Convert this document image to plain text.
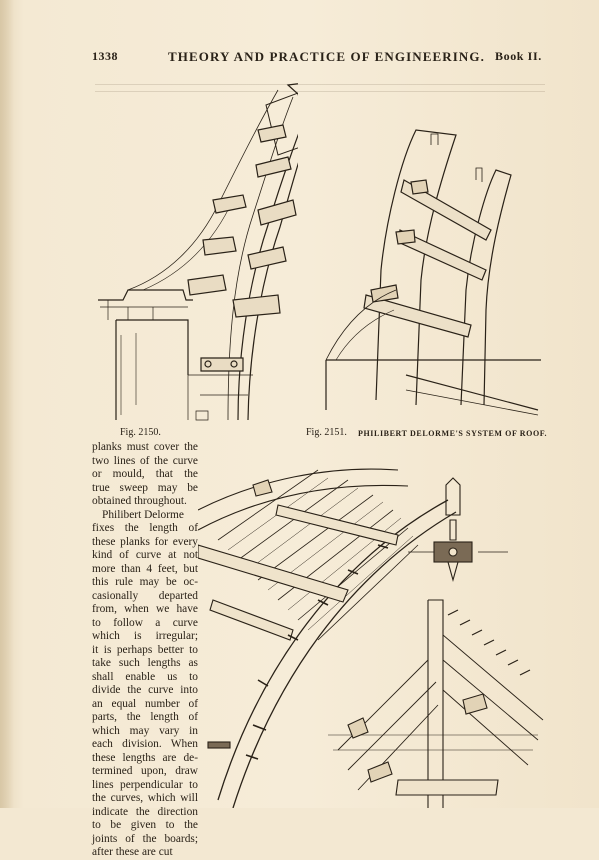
1338	THEORY AND PRACTICE OF ENGINEERING. Book II.
Fig. 2150.	Fig. 2151. PHILIBERT DELORME'S SYSTEM OF ROOF.
planks must cover the
two lines of the curve
or mould, that the
true sweep may be
obtained throughout.
Philibert Delorme
fixes the length of
these planks for every
kind of curve at not
more than 4 feet, but
this rule may be oc-
casionally departed
from, when we have
to follow a curve
which is irregular;
it is perhaps better to
take such lengths as
shall enable us to
divide the curve into
an equal number of
parts, the length of
which may vary in
each division. When
these lengths are de-
termined upon, draw
lines perpendicular to
the curves, which will
indicate the direction
to be given to the
joints of the boards;
after these are cut
